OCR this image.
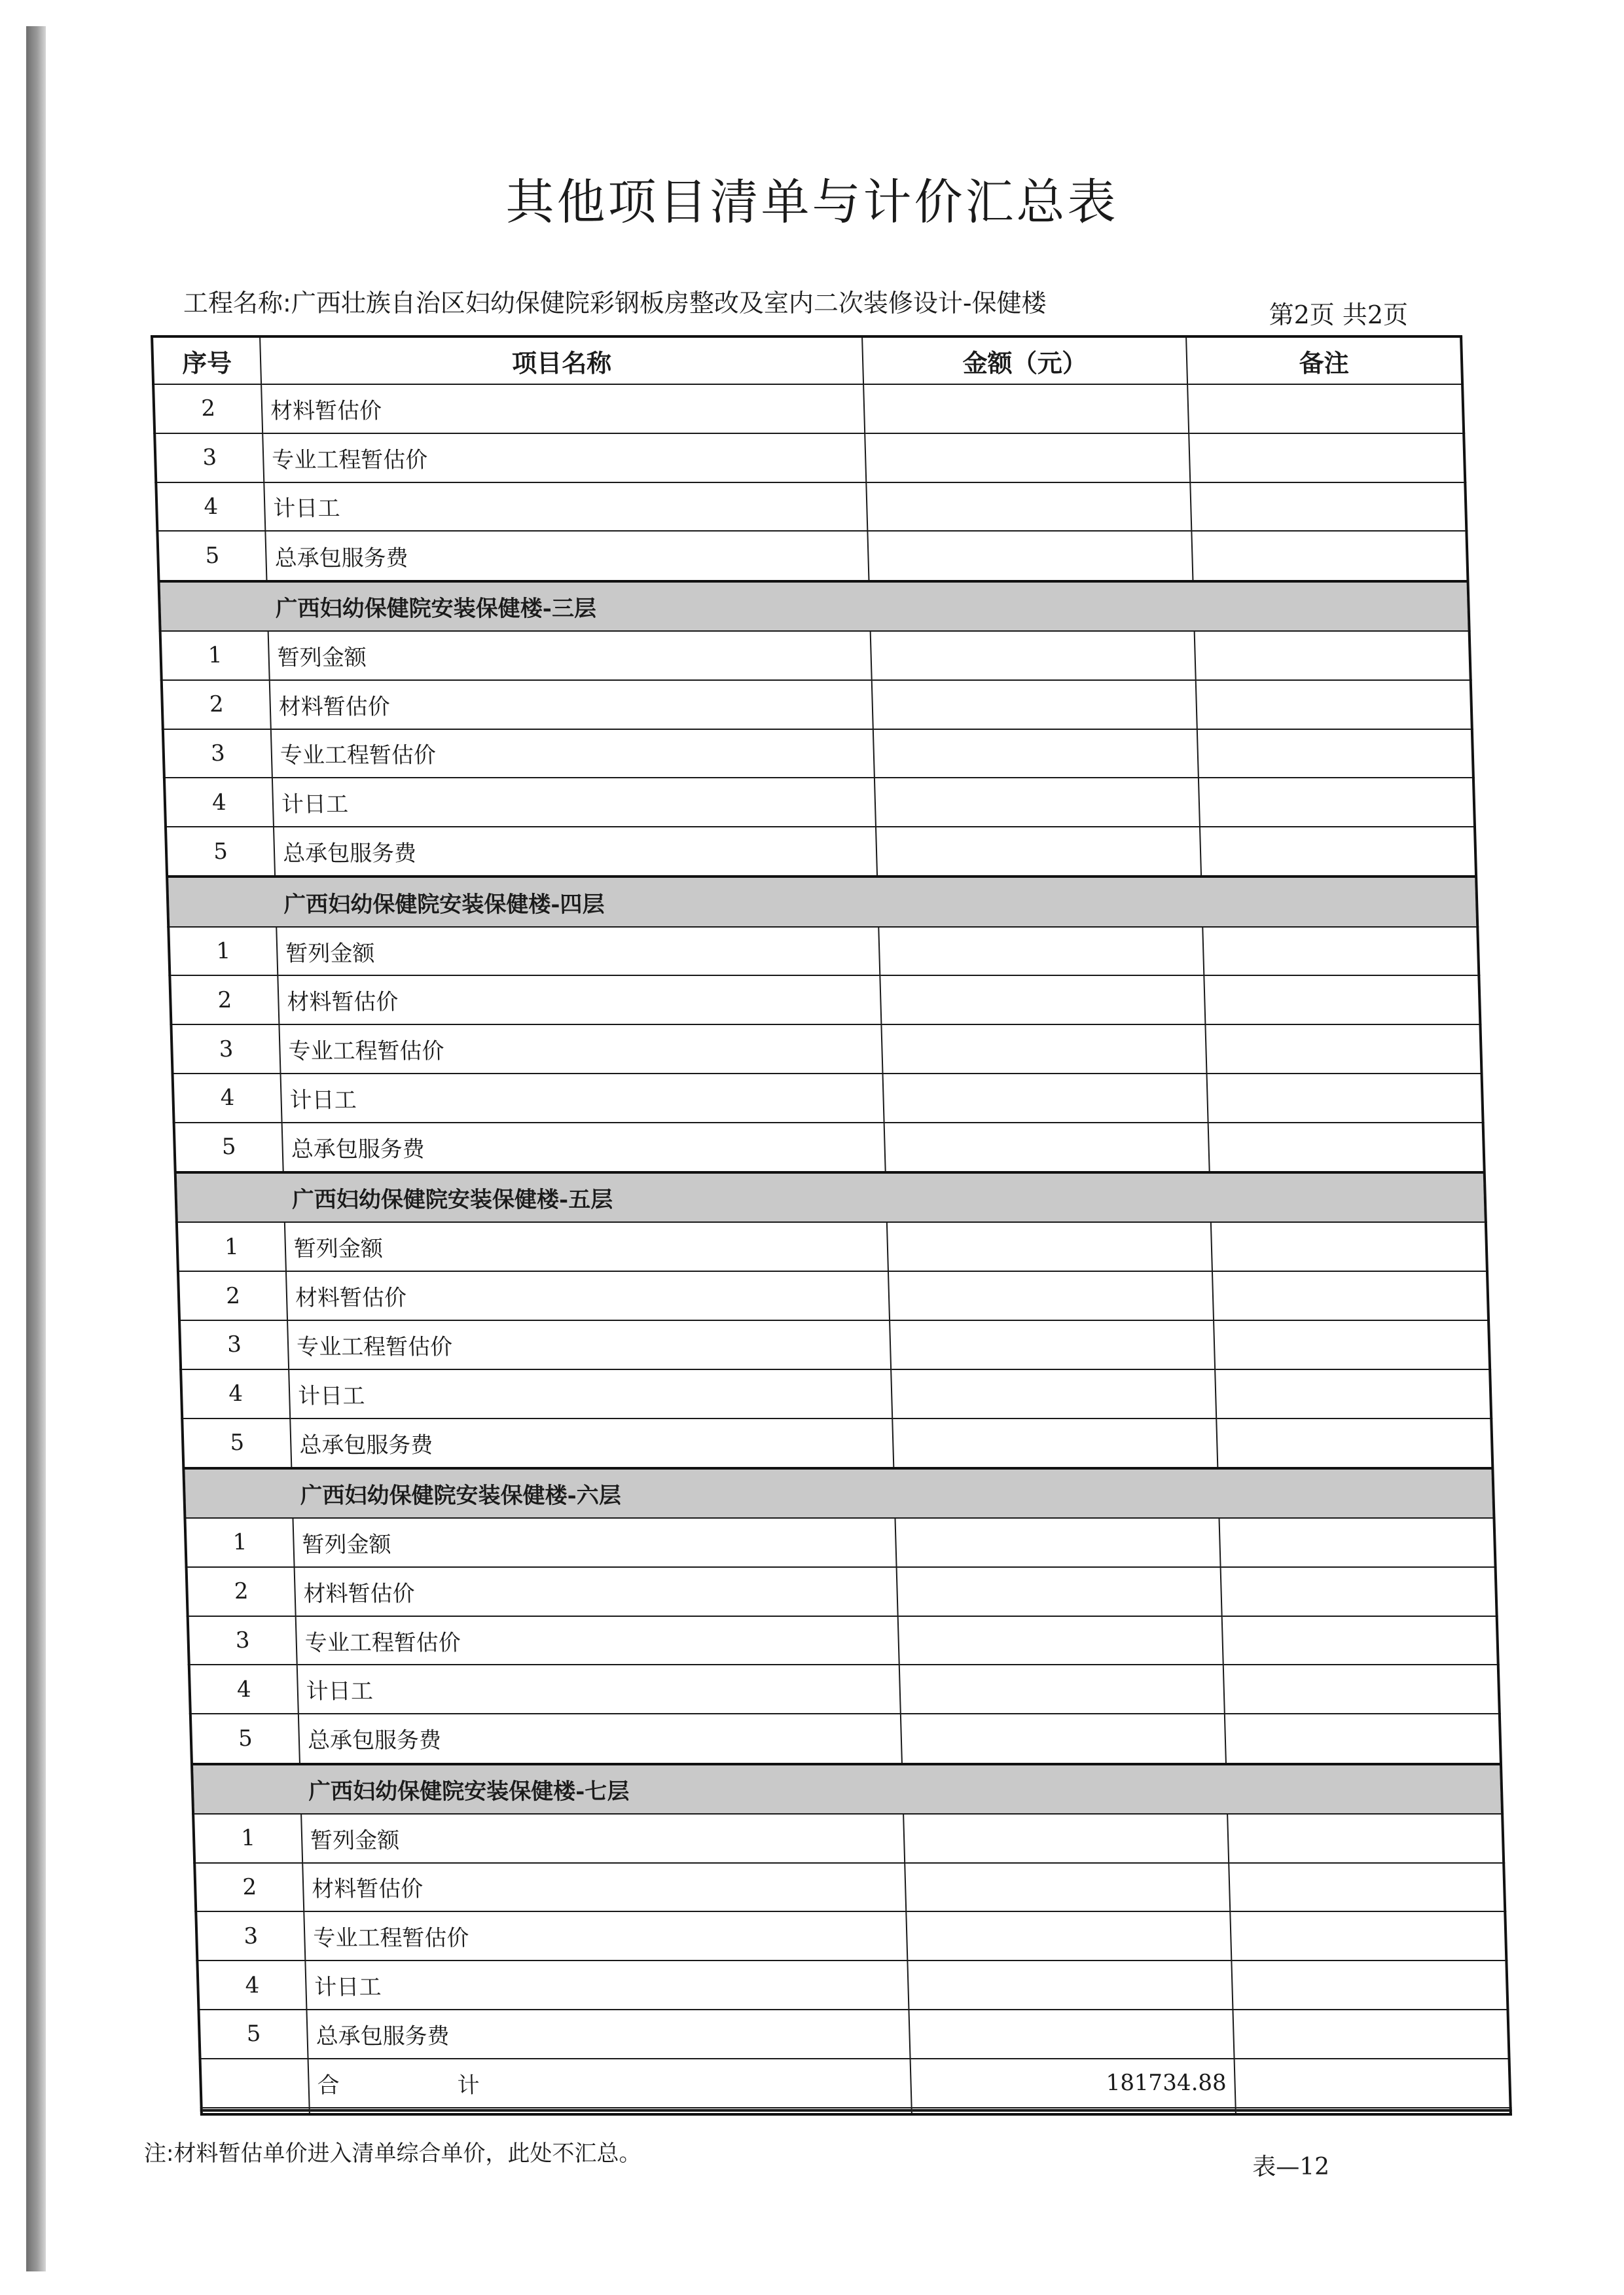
其他项目清单与计价汇总表
工程名称:广西壮族自治区妇幼保健院彩钢板房整改及室内二次装修设计-保健楼	第2页 共2页
序号	项目名称	金额（元）	备注
2	材料暂估价		
3	专业工程暂估价		
4	计日工		
5	总承包服务费		
广西妇幼保健院安装保健楼-三层			
1	暂列金额		
2	材料暂估价		
3	专业工程暂估价		
4	计日工		
5	总承包服务费		
广西妇幼保健院安装保健楼-四层			
1	暂列金额		
2	材料暂估价		
3	专业工程暂估价		
4	计日工		
5	总承包服务费		
广西妇幼保健院安装保健楼-五层			
1	暂列金额		
2	材料暂估价		
3	专业工程暂估价		
4	计日工		
5	总承包服务费		
广西妇幼保健院安装保健楼-六层			
1	暂列金额		
2	材料暂估价		
3	专业工程暂估价		
4	计日工		
5	总承包服务费		
广西妇幼保健院安装保健楼-七层			
1	暂列金额		
2	材料暂估价		
3	专业工程暂估价		
4	计日工		
5	总承包服务费		
	合 计	181734.88	

注:材料暂估单价进入清单综合单价，此处不汇总。	表—12
